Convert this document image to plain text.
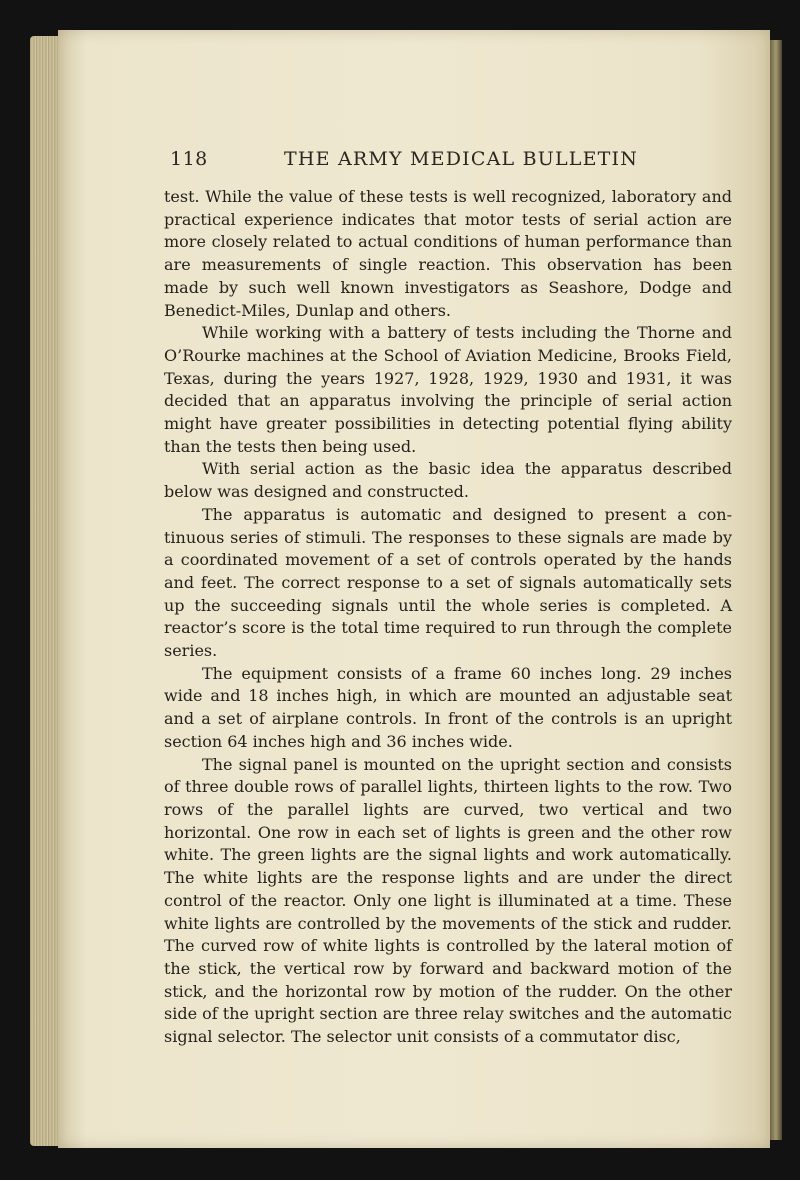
118	THE ARMY MEDICAL BULLETIN

test. While the value of these tests is well recognized, laboratory and practical experience indicates that motor tests of serial action are more closely related to actual conditions of human performance than are measurements of single reaction. This observation has been made by such well known investigators as Seashore, Dodge and Benedict-Miles, Dunlap and others.

While working with a battery of tests including the Thorne and O’Rourke machines at the School of Aviation Medicine, Brooks Field, Texas, during the years 1927, 1928, 1929, 1930 and 1931, it was decided that an apparatus involving the principle of serial action might have greater possibilities in detecting potential flying ability than the tests then being used.

With serial action as the basic idea the apparatus described below was designed and constructed.

The apparatus is automatic and designed to present a continuous series of stimuli. The responses to these signals are made by a coordinated movement of a set of controls operated by the hands and feet. The correct response to a set of signals automatically sets up the succeeding signals until the whole series is completed. A reactor’s score is the total time required to run through the complete series.

The equipment consists of a frame 60 inches long. 29 inches wide and 18 inches high, in which are mounted an adjustable seat and a set of airplane controls. In front of the controls is an upright section 64 inches high and 36 inches wide.

The signal panel is mounted on the upright section and consists of three double rows of parallel lights, thirteen lights to the row. Two rows of the parallel lights are curved, two vertical and two horizontal. One row in each set of lights is green and the other row white. The green lights are the signal lights and work automatically. The white lights are the response lights and are under the direct control of the reactor. Only one light is illuminated at a time. These white lights are controlled by the movements of the stick and rudder. The curved row of white lights is controlled by the lateral motion of the stick, the vertical row by forward and backward motion of the stick, and the horizontal row by motion of the rudder. On the other side of the upright section are three relay switches and the automatic signal selector. The selector unit consists of a commutator disc,
